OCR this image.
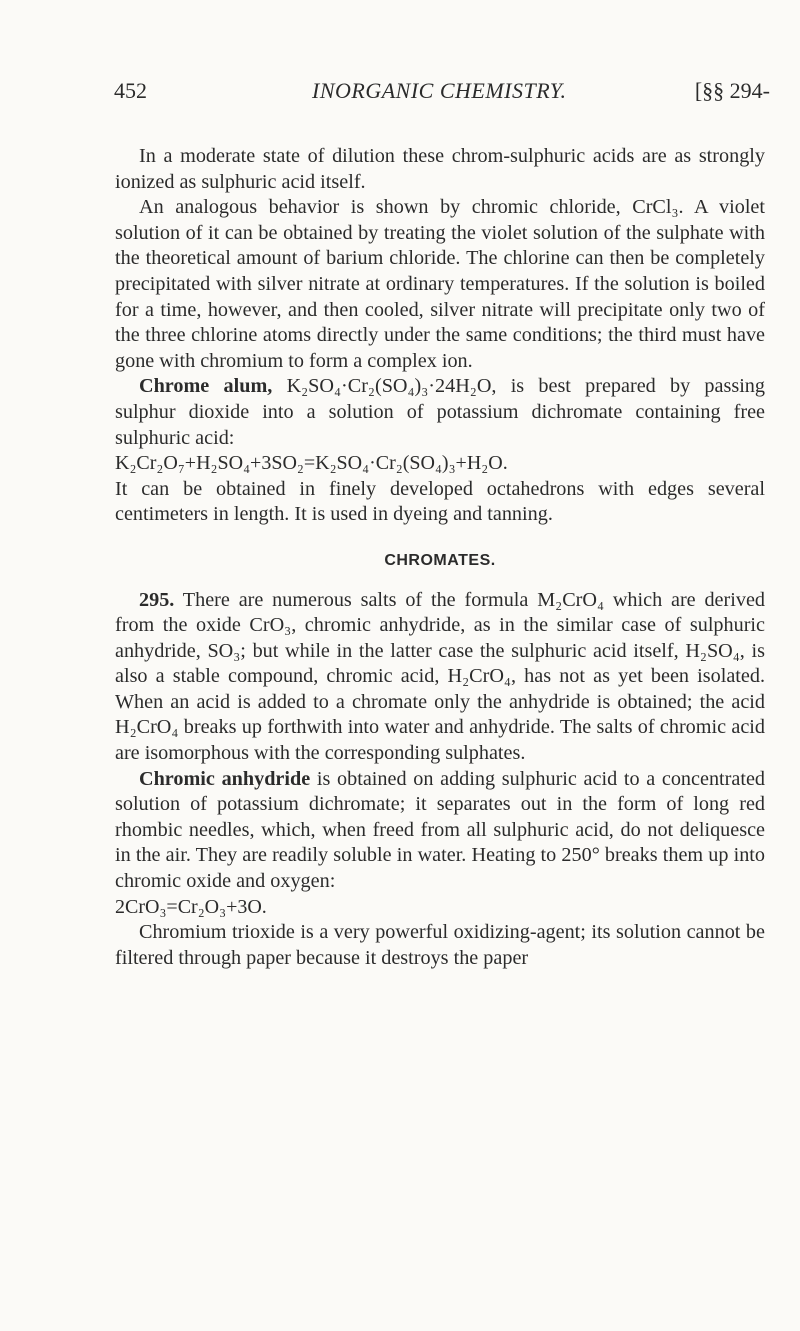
452	INORGANIC CHEMISTRY.	[§§ 294-

In a moderate state of dilution these chrom-sulphuric acids are as strongly ionized as sulphuric acid itself.

An analogous behavior is shown by chromic chloride, CrCl₃. A violet solution of it can be obtained by treating the violet solution of the sulphate with the theoretical amount of barium chloride. The chlorine can then be completely precipitated with silver nitrate at ordinary temperatures. If the solution is boiled for a time, however, and then cooled, silver nitrate will precipitate only two of the three chlorine atoms directly under the same conditions; the third must have gone with chromium to form a complex ion.

Chrome alum, K₂SO₄·Cr₂(SO₄)₃·24H₂O, is best prepared by passing sulphur dioxide into a solution of potassium dichromate containing free sulphuric acid:

K₂Cr₂O₇+H₂SO₄+3SO₂=K₂SO₄·Cr₂(SO₄)₃+H₂O.

It can be obtained in finely developed octahedrons with edges several centimeters in length. It is used in dyeing and tanning.

CHROMATES.

295. There are numerous salts of the formula M₂CrO₄ which are derived from the oxide CrO₃, chromic anhydride, as in the similar case of sulphuric anhydride, SO₃; but while in the latter case the sulphuric acid itself, H₂SO₄, is also a stable compound, chromic acid, H₂CrO₄, has not as yet been isolated. When an acid is added to a chromate only the anhydride is obtained; the acid H₂CrO₄ breaks up forthwith into water and anhydride. The salts of chromic acid are isomorphous with the corresponding sulphates.

Chromic anhydride is obtained on adding sulphuric acid to a concentrated solution of potassium dichromate; it separates out in the form of long red rhombic needles, which, when freed from all sulphuric acid, do not deliquesce in the air. They are readily soluble in water. Heating to 250° breaks them up into chromic oxide and oxygen:

2CrO₃=Cr₂O₃+3O.

Chromium trioxide is a very powerful oxidizing-agent; its solution cannot be filtered through paper because it destroys the paper
